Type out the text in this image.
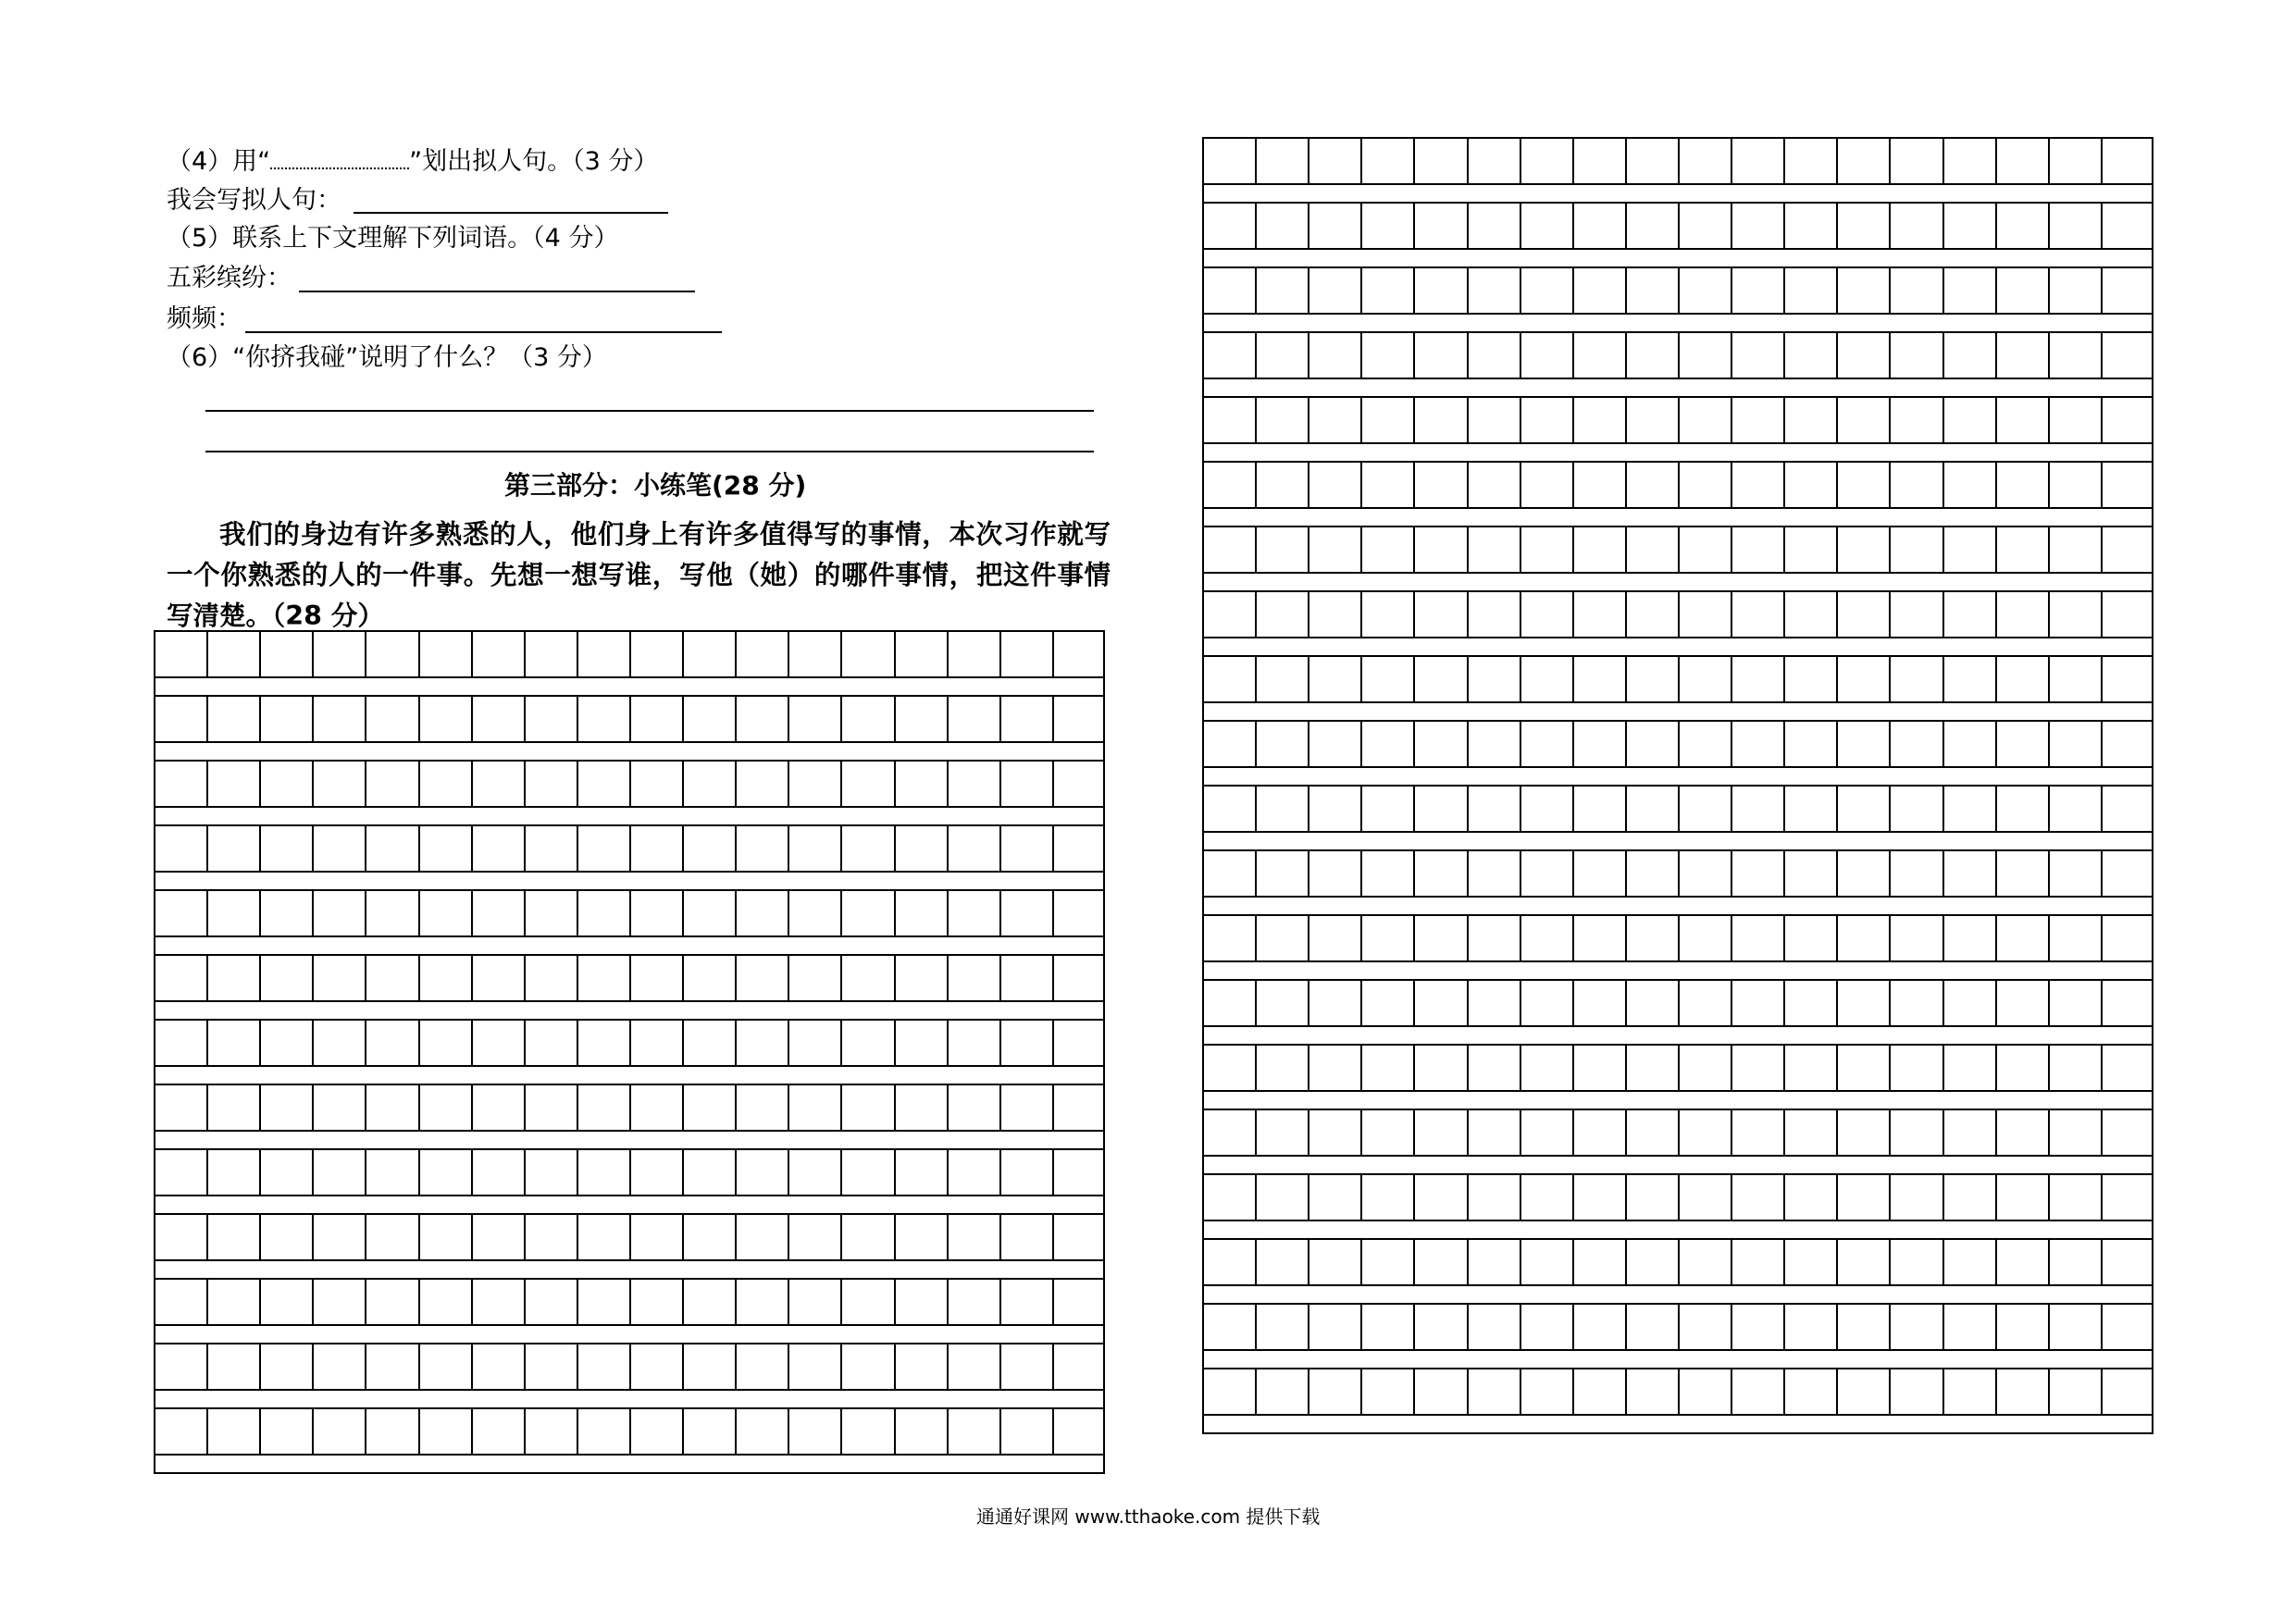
（4）用“	”划出拟人句。（3 分）
我会写拟人句：
（5）联系上下文理解下列词语。（4 分）
五彩缤纷：
频频：
（6）“你挤我碰”说明了什么？（3 分）
第三部分：小练笔(28 分)
我们的身边有许多熟悉的人，他们身上有许多值得写的事情，本次习作就写一个你熟悉的人的一件事。先想一想写谁，写他（她）的哪件事情，把这件事情写清楚。（28 分）
通通好课网 www.tthaoke.com 提供下载
